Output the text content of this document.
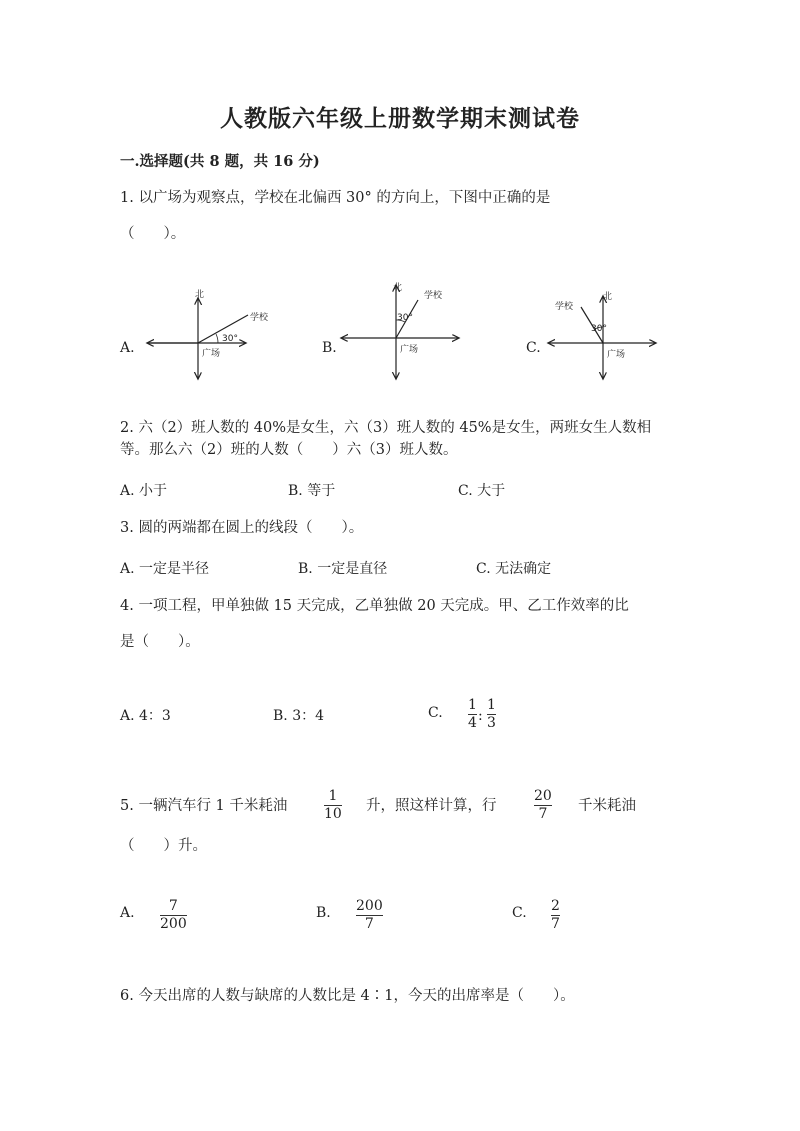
人教版六年级上册数学期末测试卷
一.选择题(共 8 题，共 16 分)
1. 以广场为观察点，学校在北偏西 30° 的方向上，下图中正确的是
（　　）。
A.
北
学校
广场
30°
B.
北
学校
广场
30°
C.
北
学校
广场
30°
2. 六（2）班人数的 40%是女生，六（3）班人数的 45%是女生，两班女生人数相
等。那么六（2）班的人数（　　）六（3）班人数。
A. 小于	B. 等于	C. 大于
3. 圆的两端都在圆上的线段（　　）。
A. 一定是半径	B. 一定是直径	C. 无法确定
4. 一项工程，甲单独做 15 天完成，乙单独做 20 天完成。甲、乙工作效率的比
是（　　）。
A. 4：3	B. 3：4	C. 1
4 :
1
3
5. 一辆汽车行 1 千米耗油
1
10 升，照这样计算，行
20
7 千米耗油
（　　）升。
A. 7
200
B. 200
7
C. 2
7
6. 今天出席的人数与缺席的人数比是 4∶1，今天的出席率是（　　）。
